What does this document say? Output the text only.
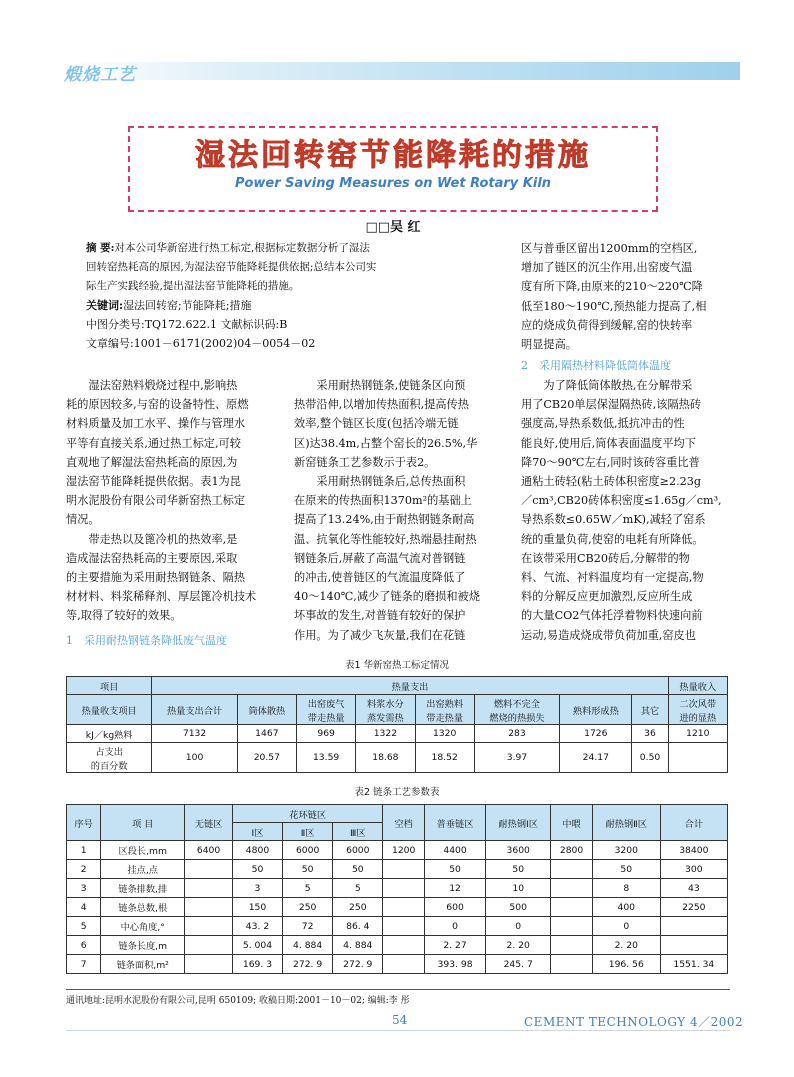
煅烧工艺
湿法回转窑节能降耗的措施
Power Saving Measures on Wet Rotary Kiln
□□吴 红
摘 要:对本公司华新窑进行热工标定,根据标定数据分析了湿法
回转窑热耗高的原因,为湿法窑节能降耗提供依据;总结本公司实
际生产实践经验,提出湿法窑节能降耗的措施。
关键词:湿法回转窑;节能降耗;措施
中图分类号:TQ172.622.1 文献标识码:B
文章编号:1001－6171(2002)04－0054－02
区与普垂区留出1200mm的空档区,
增加了链区的沉尘作用,出窑废气温
度有所下降,由原来的210～220℃降
低至180～190℃,预热能力提高了,相
应的烧成负荷得到缓解,窑的快转率
明显提高。
2　采用隔热材料降低筒体温度
　　为了降低筒体散热,在分解带采
用了CB20单层保湿隔热砖,该隔热砖
强度高,导热系数低,抵抗冲击的性
能良好,使用后,筒体表面温度平均下
降70～90℃左右,同时该砖容重比普
通粘土砖轻(粘土砖体积密度≥2.23g
／cm³,CB20砖体积密度≤1.65g／cm³,
导热系数≤0.65W／mK),减轻了窑系
统的重量负荷,使窑的电耗有所降低。
在该带采用CB20砖后,分解带的物
料、气流、衬料温度均有一定提高,物
料的分解反应更加激烈,反应所生成
的大量CO2气体托浮着物料快速向前
运动,易造成烧成带负荷加重,窑皮也
　　湿法窑熟料煅烧过程中,影响热
耗的原因较多,与窑的设备特性、原燃
材料质量及加工水平、操作与管理水
平等有直接关系,通过热工标定,可较
直观地了解湿法窑热耗高的原因,为
湿法窑节能降耗提供依据。表1为昆
明水泥股份有限公司华新窑热工标定
情况。
　　带走热以及篦冷机的热效率,是
造成湿法窑热耗高的主要原因,采取
的主要措施为采用耐热钢链条、隔热
材材料、料浆稀释剂、厚层篦冷机技术
等,取得了较好的效果。
1　采用耐热钢链条降低废气温度
　　采用耐热钢链条,使链条区向预
热带沿伸,以增加传热面积,提高传热
效率,整个链区长度(包括冷端无链
区)达38.4m,占整个窑长的26.5%,华
新窑链条工艺参数示于表2。
　　采用耐热钢链条后,总传热面积
在原来的传热面积1370m²的基础上
提高了13.24%,由于耐热钢链条耐高
温、抗氧化等性能较好,热端悬挂耐热
钢链条后,屏蔽了高温气流对普钢链
的冲击,使普链区的气流温度降低了
40～140℃,减少了链条的磨损和被烧
坏事故的发生,对普链有较好的保护
作用。为了减少飞灰量,我们在花链
表1 华新窑热工标定情况
项目	热量支出								热量收入
热量收支项目	热量支出合计	筒体散热	出窑废气
带走热量	料浆水分
蒸发需热	出窑熟料
带走热量	燃料不完全
燃烧的热损失	熟料形成热	其它	二次风带
进的显热
kJ／kg熟料	7132	1467	969	1322	1320	283	1726	36	1210
占支出
的百分数	100	20.57	13.59	18.68	18.52	3.97	24.17	0.50	
表2 链条工艺参数表
序号	项 目	无链区	花环链区			空档	普垂链区	耐热钢Ⅰ区	中喂	耐热钢Ⅱ区	合计
			Ⅰ区	Ⅱ区	Ⅲ区						
1	区段长,mm	6400	4800	6000	6000	1200	4400	3600	2800	3200	38400
2	挂点,点		50	50	50		50	50		50	300
3	链条排数,排		3	5	5		12	10		8	43
4	链条总数,根		150	250	250		600	500		400	2250
5	中心角度,°		43. 2	72	86. 4		0	0		0	
6	链条长度,m		5. 004	4. 884	4. 884		2. 27	2. 20		2. 20	
7	链条面积,m²		169. 3	272. 9	272. 9		393. 98	245. 7		196. 56	1551. 34
通讯地址:昆明水泥股份有限公司,昆明 650109; 收稿日期:2001－10－02; 编辑:李 彤
54	CEMENT TECHNOLOGY 4／2002
